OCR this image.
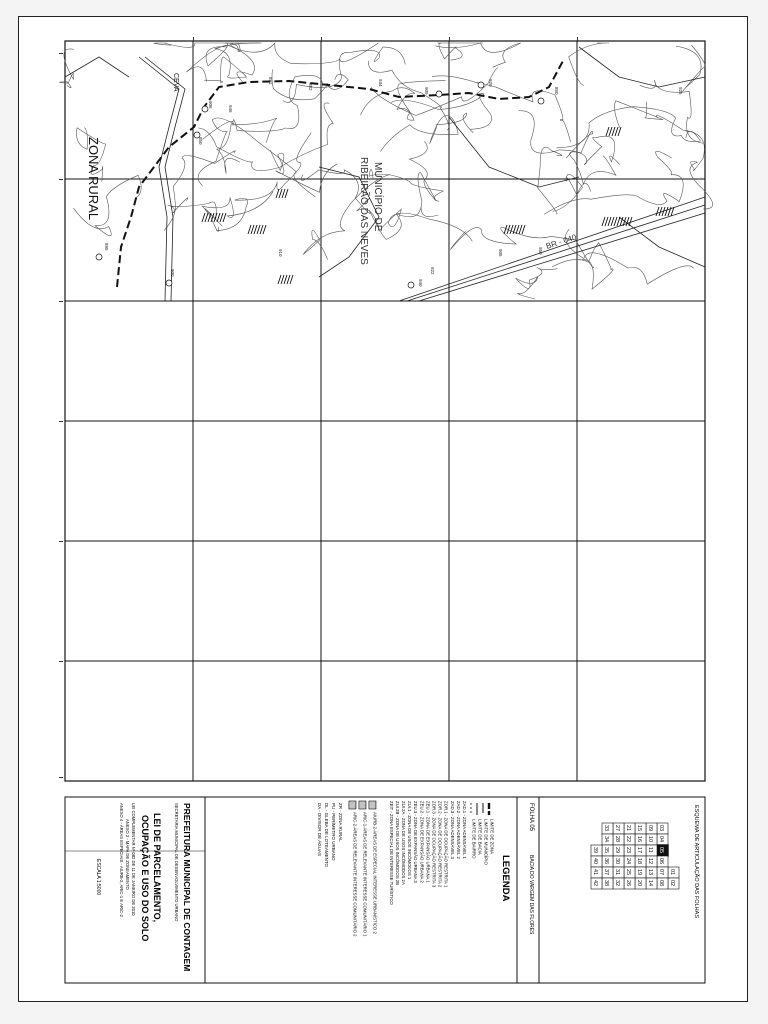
906
946
891
882
934
909
920
850
850
910
922
905	950
895
900
940
925
ZONA RURAL
CEVA
MUNICÍPIO DE
RIBEIRÃO DAS NEVES	BR - 040
PREFEITURA MUNICIPAL DE CONTAGEM
SECRETARIA MUNICIPAL DE DESENVOLVIMENTO URBANO
LEI DE PARCELAMENTO,
OCUPAÇÃO E USO DO SOLO
LEI COMPLEMENTAR Nº 082 DE 11 DE JANEIRO DE 2010
ANEXO 2 - MAPA DE ZONEAMENTO
ANEXO 4 - ÁREAS ESPECIAIS - AIURB-2, ARIC-1 E ARIC-2
ESCALA 1:5000	LEGENDA
LIMITE DE ZONA
LIMITE DE MUNICÍPIO
LIMITE DE BACIA
LIMITE DE BAIRRO
ZAD.1 - ZONA ADENSÁVEL 1
ZAD.2 - ZONA ADENSÁVEL 2
ZAD.3 - ZONA ADENSÁVEL 3
ZOR.1 - ZONA DE OCUPAÇÃO RESTRITA 1
ZOR.2 - ZONA DE OCUPAÇÃO RESTRITA 2
ZOR.3 - ZONA DE OCUPAÇÃO RESTRITA 3
ZEU.1 - ZONA DE EXPANSÃO URBANA 1
ZEU.2 - ZONA DE EXPANSÃO URBANA 2
ZEU.3 - ZONA DE EXPANSÃO URBANA 3
ZUI.1 - ZONA DE USOS INCÔMODOS 1
ZUI.2A - ZONA DE USOS INCÔMODOS 2A
ZUI.2B - ZONA DE USOS INCÔMODOS 2B
ZEIT - ZONA ESPECIAL DE INTERESSE TURÍSTICO
AIURB-2-ÁREAS DE ESPECIAL INTERESSE URBANÍSTICO 2
ARIC-1-ÁREAS DE RELEVANTE INTERESSE COMUNITÁRIO 1
ARIC-2-ÁREAS DE RELEVANTE INTERESSE COMUNITÁRIO 2
ZR - ZONA RURAL
PU - PERÍMETRO URBANO
DL - GLEBA DE LOTEAMENTO
DA - DIVISOR DE ÁGUAS	FOLHA 05
BACIA DO VARGEM DAS FLORES	ESQUEMA DE ARTICULAÇÃO DAS FOLHAS
01
02
03
04
05
06
07
08
09
10
11
12
13
14
15
16
17
18
19
20
21
22
23
24
25
26
27
28
29
30
31
32
33
34
35
36
37
38
39
40
41
42
